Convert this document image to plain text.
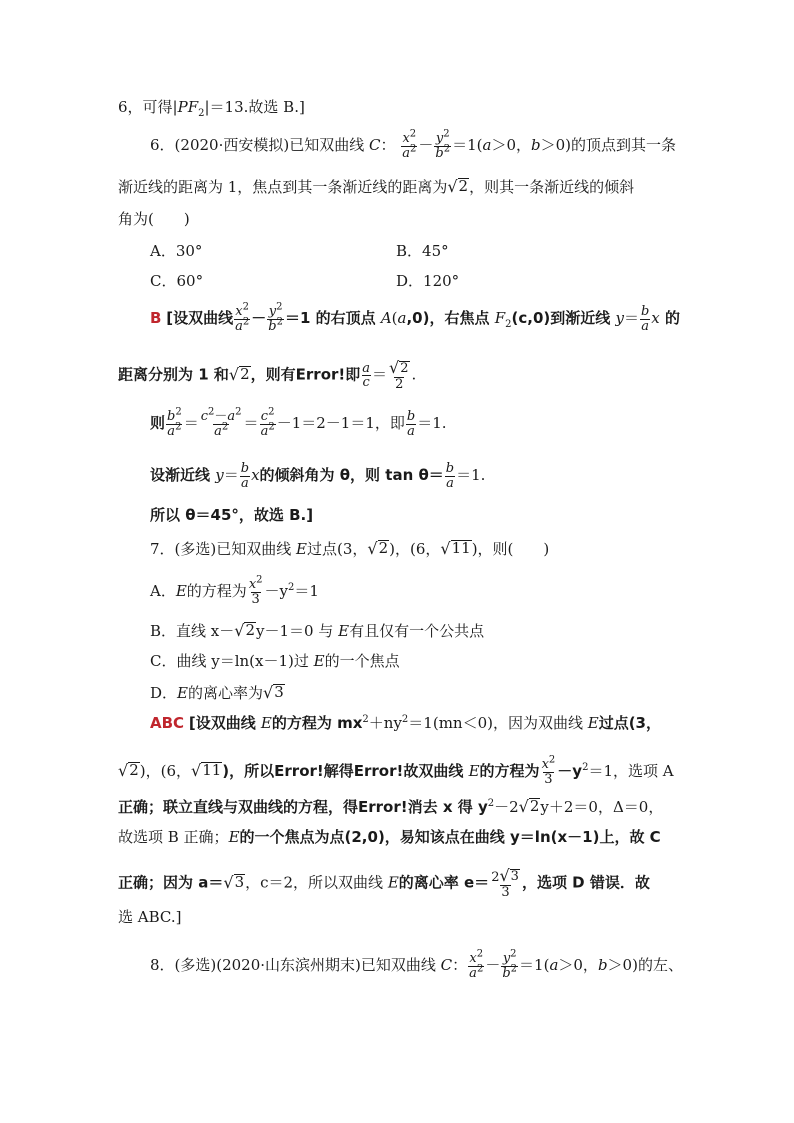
6，可得$|PF_2|=13$.故选 B.]
6．(2020·西安模拟)已知双曲线 C： $\frac{x^2}{a^2} - \frac{y^2}{b^2} =1(a>0$，b＞0)的顶点到其一条
渐近线的距离为 1，焦点到其一条渐近线的距离为 √ 2 ，则其一条渐近线的倾斜
角为(　　)
A．30°	B．45°
C．60°	D．120°
B [设双曲线 $\frac{x^2}{a^2} - \frac{y^2}{b^2} =1$ 的右顶点 A(a,0)，右焦点 $F_2(c,0)$到渐近线 $y= \frac{b}{a}$ x 的
距离分别为 1 和 √ 2 ，则有Error!即 $\frac{a}{c} = \frac{√ 2}{2}$ .
则 $\frac{b^2}{a^2} = \frac{c^2-a^2}{a^2} = \frac{c^2}{a^2} -1=2-1=1$，即 $\frac{b}{a} =1$.
设渐近线 $y= \frac{b}{a}$ x的倾斜角为 θ，则 $\tan \theta= \frac{b}{a} =1$.
所以 θ＝45°，故选 B.]
7．(多选)已知双曲线 E过点(3， √ 2 )，(6， √ 11 )，则(　　)
A．E的方程为 $\frac{x^2}{3} -y^2=1$
B．直线 x－ √ 2 y－1＝0 与 E有且仅有一个公共点
C．曲线 y＝ln(x－1)过 E的一个焦点
D．E的离心率为 √ 3
ABC [设双曲线 E的方程为 $mx^2+ny^2=1(mn<0)$，因为双曲线 E过点(3，
√ 2 )，(6， √ 11 )，所以Error!解得Error!故双曲线 E的方程为 $\frac{x^2}{3} -y^2=1$，选项 A
正确；联立直线与双曲线的方程，得Error!消去 x 得 $y^2-2$ √ 2 y＋2＝0，Δ＝0，
故选项 B 正确；E的一个焦点为点(2,0)，易知该点在曲线 y＝ln(x－1)上，故 C
正确；因为 a＝ √ 3 ，c＝2，所以双曲线 E的离心率 $e= \frac{2 √ 3}{3}$ ，选项 D 错误．故
选 ABC.]
8．(多选)(2020·山东滨州期末)已知双曲线 C： $\frac{x^2}{a^2} - \frac{y^2}{b^2} =1(a>0$，b＞0)的左、
